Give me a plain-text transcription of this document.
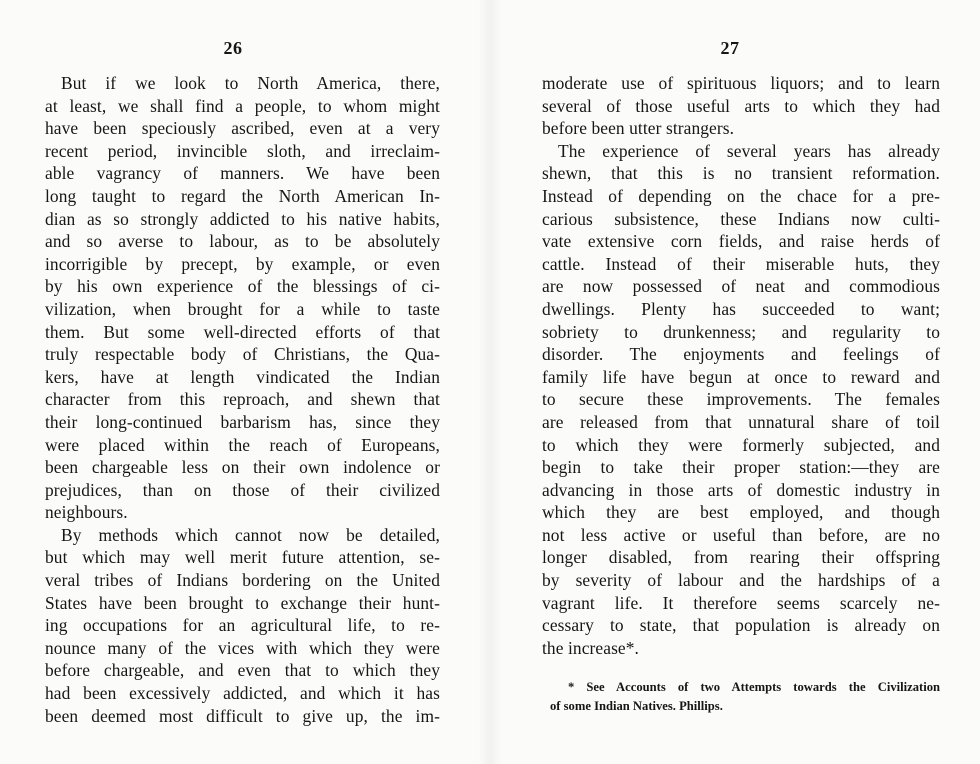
26
But if we look to North America, there,
at least, we shall find a people, to whom might
have been speciously ascribed, even at a very
recent period, invincible sloth, and irreclaim-
able vagrancy of manners. We have been
long taught to regard the North American In-
dian as so strongly addicted to his native habits,
and so averse to labour, as to be absolutely
incorrigible by precept, by example, or even
by his own experience of the blessings of ci-
vilization, when brought for a while to taste
them. But some well-directed efforts of that
truly respectable body of Christians, the Qua-
kers, have at length vindicated the Indian
character from this reproach, and shewn that
their long-continued barbarism has, since they
were placed within the reach of Europeans,
been chargeable less on their own indolence or
prejudices, than on those of their civilized
neighbours.
By methods which cannot now be detailed,
but which may well merit future attention, se-
veral tribes of Indians bordering on the United
States have been brought to exchange their hunt-
ing occupations for an agricultural life, to re-
nounce many of the vices with which they were
before chargeable, and even that to which they
had been excessively addicted, and which it has
been deemed most difficult to give up, the im-
27
moderate use of spirituous liquors; and to learn
several of those useful arts to which they had
before been utter strangers.
The experience of several years has already
shewn, that this is no transient reformation.
Instead of depending on the chace for a pre-
carious subsistence, these Indians now culti-
vate extensive corn fields, and raise herds of
cattle. Instead of their miserable huts, they
are now possessed of neat and commodious
dwellings. Plenty has succeeded to want;
sobriety to drunkenness; and regularity to
disorder. The enjoyments and feelings of
family life have begun at once to reward and
to secure these improvements. The females
are released from that unnatural share of toil
to which they were formerly subjected, and
begin to take their proper station:—they are
advancing in those arts of domestic industry in
which they are best employed, and though
not less active or useful than before, are no
longer disabled, from rearing their offspring
by severity of labour and the hardships of a
vagrant life. It therefore seems scarcely ne-
cessary to state, that population is already on
the increase*.
* See Accounts of two Attempts towards the Civilization
of some Indian Natives. Phillips.
